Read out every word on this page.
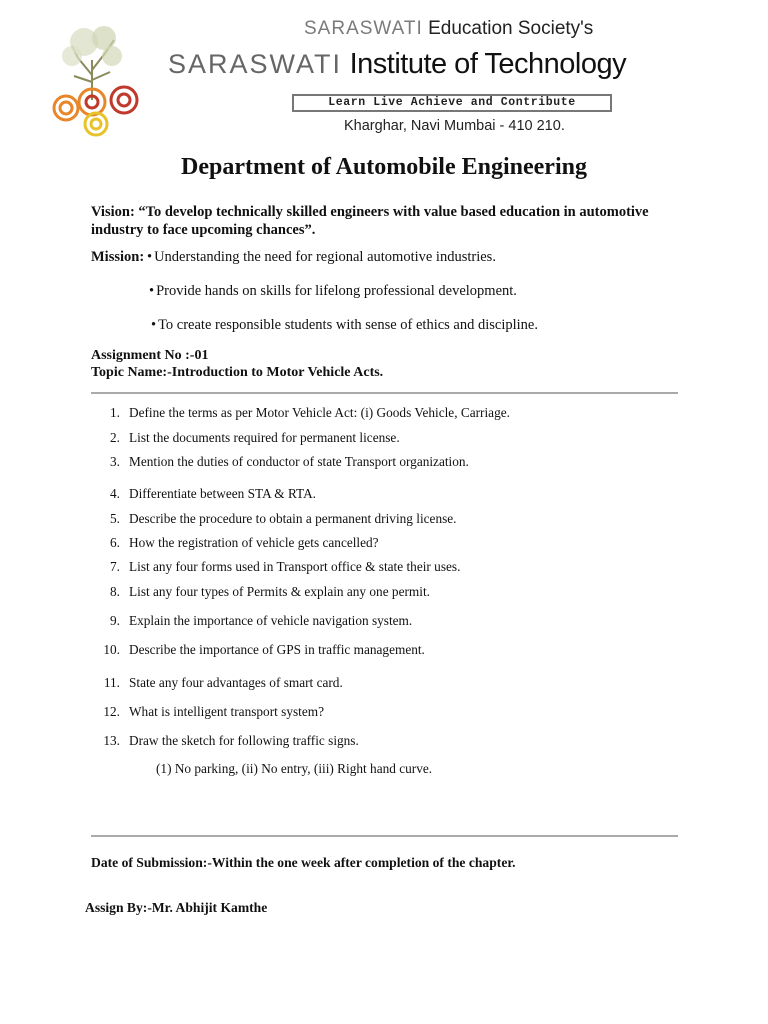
SARASWATI Education Society's
SARASWATI Institute of Technology
Learn Live Achieve and Contribute
Kharghar, Navi Mumbai - 410 210.
Department of Automobile Engineering
Vision: “To develop technically skilled engineers with value based education in automotive industry to face upcoming chances”.
Mission: • Understanding the need for regional automotive industries.
• Provide hands on skills for lifelong professional development.
• To create responsible students with sense of ethics and discipline.
Assignment No :-01
Topic Name:-Introduction to Motor Vehicle Acts.
1. Define the terms as per Motor Vehicle Act: (i) Goods Vehicle, Carriage.
2. List the documents required for permanent license.
3. Mention the duties of conductor of state Transport organization.
4. Differentiate between STA & RTA.
5. Describe the procedure to obtain a permanent driving license.
6. How the registration of vehicle gets cancelled?
7. List any four forms used in Transport office & state their uses.
8. List any four types of Permits & explain any one permit.
9. Explain the importance of vehicle navigation system.
10. Describe the importance of GPS in traffic management.
11. State any four advantages of smart card.
12. What is intelligent transport system?
13. Draw the sketch for following traffic signs.
(1) No parking, (ii) No entry, (iii) Right hand curve.
Date of Submission:-Within the one week after completion of the chapter.
Assign By:-Mr. Abhijit Kamthe
